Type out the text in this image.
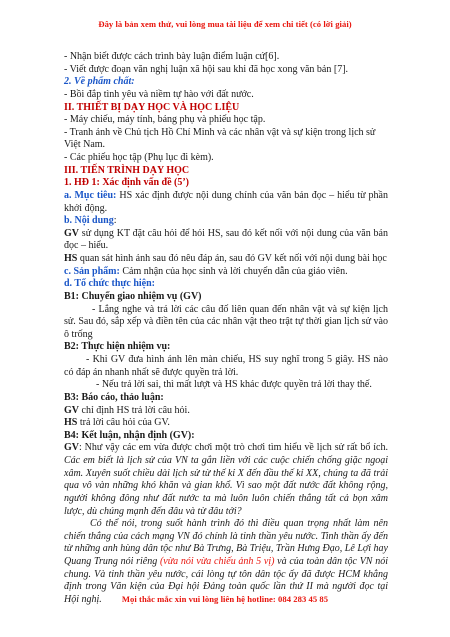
Đây là bản xem thử, vui lòng mua tài liệu để xem chi tiết (có lời giải)

- Nhận biết được cách trình bày luận điểm luận cứ[6].

- Viết được đoạn văn nghị luận xã hội sau khi đã học xong văn bản [7].

2. Về phẩm chất:

- Bồi đắp tình yêu và niềm tự hào với đất nước.

II. THIẾT BỊ DẠY HỌC VÀ HỌC LIỆU

- Máy chiếu, máy tính, bảng phụ và phiếu học tập.

- Tranh ảnh về Chủ tịch Hồ Chí Minh và các nhân vật và sự kiện trong lịch sử Việt Nam.

- Các phiếu học tập (Phụ lục đi kèm).

III. TIẾN TRÌNH DẠY HỌC

1. HĐ 1: Xác định vấn đề (5’)

a. Mục tiêu: HS xác định được nội dung chính của văn bản đọc – hiểu từ phần khởi động.

b. Nội dung:

GV sử dụng KT đặt câu hỏi để hỏi HS, sau đó kết nối với nội dung của văn bản đọc – hiểu.

HS quan sát hình ảnh sau đó nêu đáp án, sau đó GV kết nối với nội dung bài học

c. Sản phẩm: Cảm nhận của học sinh và lời chuyển dẫn của giáo viên.

d. Tổ chức thực hiện:

B1: Chuyển giao nhiệm vụ (GV)

- Lắng nghe và trả lời các câu đố liên quan đến nhân vật và sự kiện lịch sử. Sau đó, sắp xếp và điền tên của các nhân vật theo trật tự thời gian lịch sử vào ô trống

B2: Thực hiện nhiệm vụ:

- Khi GV đưa hình ảnh lên màn chiếu, HS suy nghĩ trong 5 giây. HS nào có đáp án nhanh nhất sẽ được quyền trả lời.

- Nếu trả lời sai, thì mất lượt và HS khác được quyền trả lời thay thế.

B3: Báo cáo, thảo luận:

GV chỉ định HS trả lời câu hỏi.

HS trả lời câu hỏi của GV.

B4: Kết luận, nhận định (GV):

GV: Như vậy các em vừa được chơi một trò chơi tìm hiểu về lịch sử rất bổ ích. Các em biết là lịch sử của VN ta gắn liền với các cuộc chiến chống giặc ngoại xâm. Xuyên suốt chiều dài lịch sử từ thế kỉ X đến đầu thế kỉ XX, chúng ta đã trải qua vô vàn những khó khăn và gian khổ. Vì sao một đất nước đất không rộng, người không đông như đất nước ta mà luôn luôn chiến thắng tất cả bọn xâm lược, dù chúng mạnh đến đâu và từ đâu tới?

Có thể nói, trong suốt hành trình đó thì điều quan trọng nhất làm nên chiến thắng của cách mạng VN đó chính là tinh thần yêu nước. Tinh thần ấy đến từ những anh hùng dân tộc như Bà Trưng, Bà Triệu, Trần Hưng Đạo, Lê Lợi hay Quang Trung nói riêng (vừa nói vừa chiếu ảnh 5 vị) và của toàn dân tộc VN nói chung. Và tinh thần yêu nước, cái lòng tự tôn dân tộc ấy đã được HCM khẳng định trong Văn kiện của Đại hội Đảng toàn quốc lần thứ II mà người đọc tại Hội nghị.	Mọi thắc mắc xin vui lòng liên hệ hotline: 084 283 45 85
